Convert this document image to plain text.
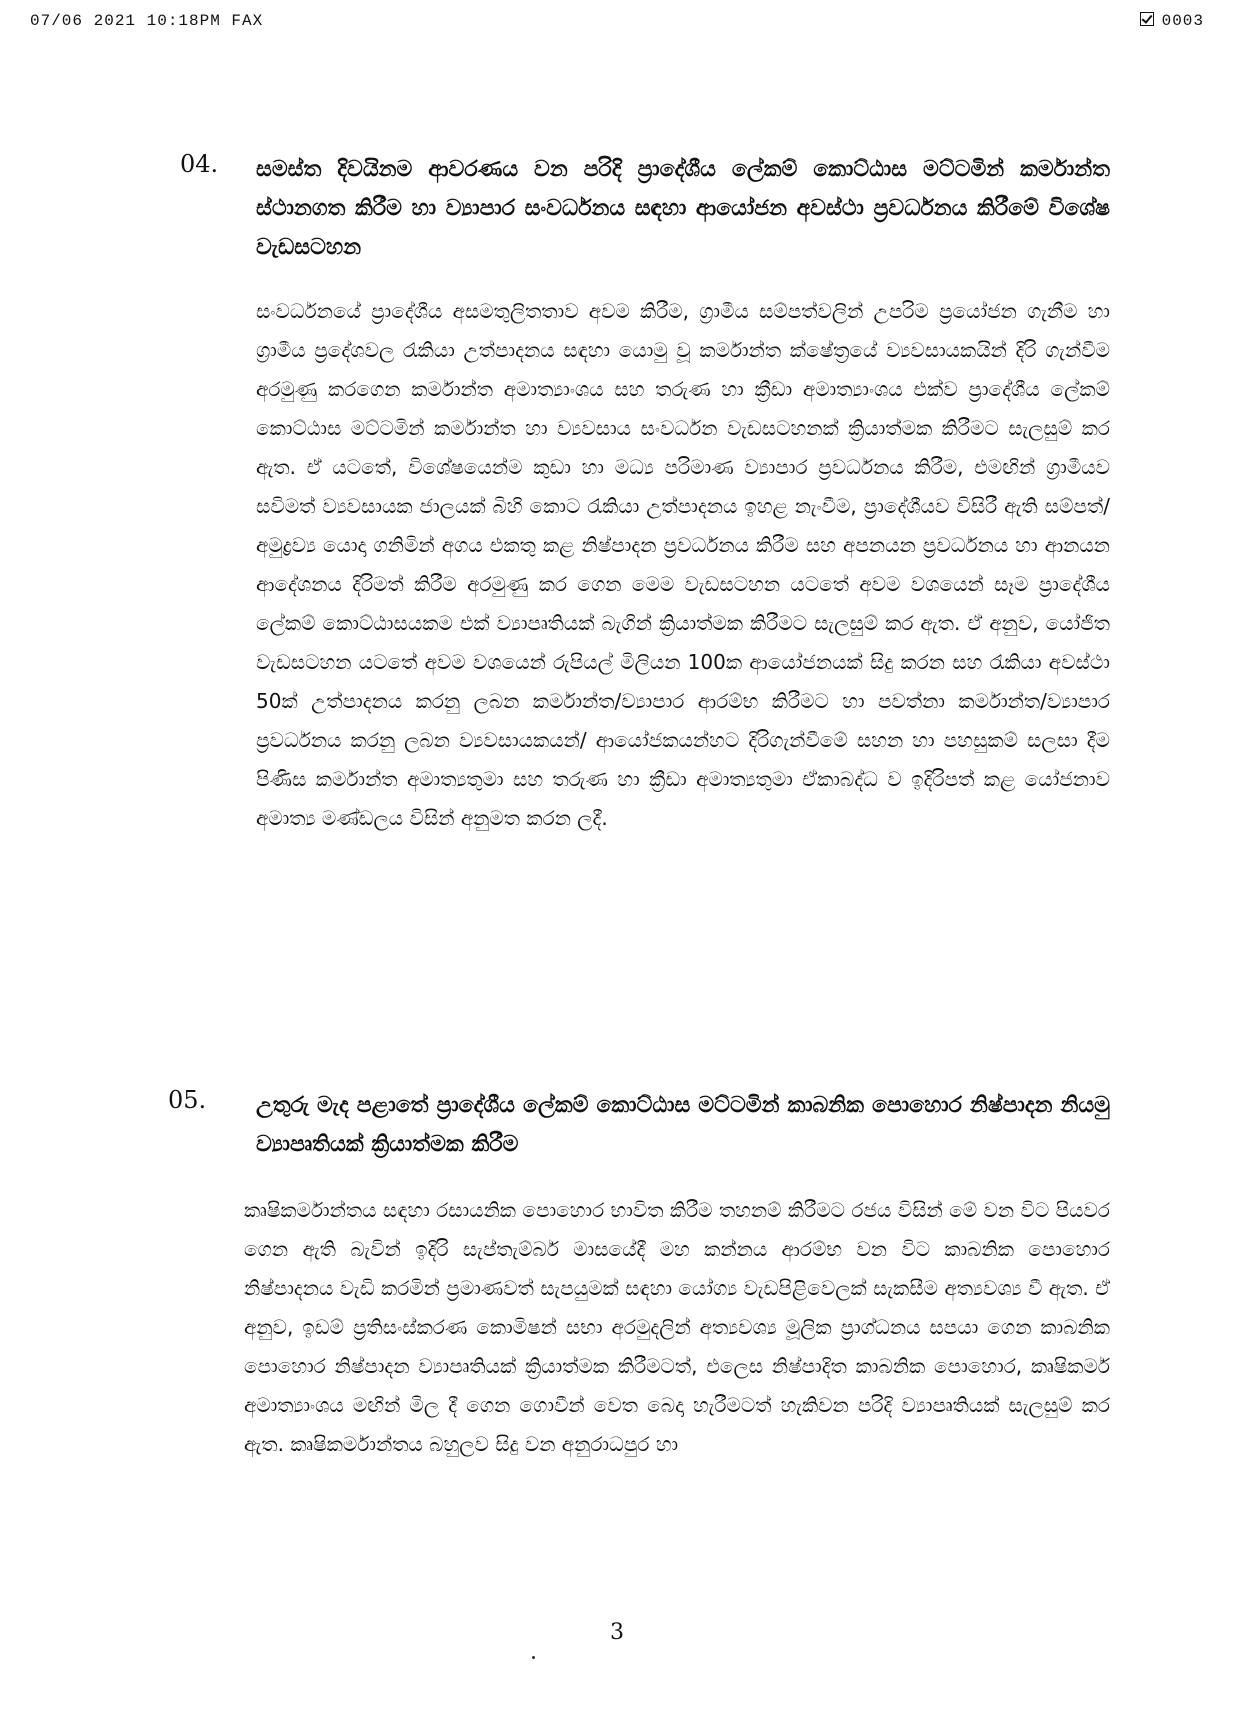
07/06 2021 10:18PM FAX	0003
04. සමස්ත දිවයිනම ආවරණය වන පරිදි ප්‍රාදේශීය ලේකම් කොට්ඨාස මට්ටමින් කර්මාන්ත ස්ථානගත කිරීම හා ව්‍යාපාර සංවර්ධනය සඳහා ආයෝජන අවස්ථා ප්‍රවර්ධනය කිරීමේ විශේෂ වැඩසටහන
සංවර්ධනයේ ප්‍රාදේශීය අසමතුලිතතාව අවම කිරීම, ග්‍රාමීය සම්පත්වලින් උපරිම ප්‍රයෝජන ගැනීම හා ග්‍රාමීය ප්‍රදේශවල රැකියා උත්පාදනය සඳහා යොමු වූ කර්මාන්ත ක්ෂේත්‍රයේ ව්‍යවසායකයින් දිරි ගැන්වීම අරමුණු කරගෙන කර්මාන්ත අමාත්‍යාංශය සහ තරුණ හා ක්‍රීඩා අමාත්‍යාංශය එක්ව ප්‍රාදේශීය ලේකම් කොට්ඨාස මට්ටමින් කර්මාන්ත හා ව්‍යවසාය සංවර්ධන වැඩසටහනක් ක්‍රියාත්මක කිරීමට සැලසුම් කර ඇත. ඒ යටතේ, විශේෂයෙන්ම කුඩා හා මධ්‍ය පරිමාණ ව්‍යාපාර ප්‍රවර්ධනය කිරීම, එමඟින් ග්‍රාමීයව සවිමත් ව්‍යවසායක ජාලයක් බිහි කොට රැකියා උත්පාදනය ඉහළ නැංවීම, ප්‍රාදේශීයව විසිරී ඇති සම්පත්/අමුද්‍රව්‍ය යොදා ගනිමින් අගය එකතු කළ නිෂ්පාදන ප්‍රවර්ධනය කිරීම සහ අපනයන ප්‍රවර්ධනය හා ආනයන ආදේශනය දිරිමත් කිරීම අරමුණු කර ගෙන මෙම වැඩසටහන යටතේ අවම වශයෙන් සෑම ප්‍රාදේශීය ලේකම් කොට්ඨාසයකම එක් ව්‍යාපෘතියක් බැගින් ක්‍රියාත්මක කිරීමට සැලසුම් කර ඇත. ඒ අනුව, යෝජිත වැඩසටහන යටතේ අවම වශයෙන් රුපියල් මිලියන 100ක ආයෝජනයක් සිදු කරන සහ රැකියා අවස්ථා 50ක් උත්පාදනය කරනු ලබන කර්මාන්ත/ව්‍යාපාර ආරම්භ කිරීමට හා පවත්නා කර්මාන්ත/ව්‍යාපාර ප්‍රවර්ධනය කරනු ලබන ව්‍යවසායකයන්/ ආයෝජකයන්හට දිරිගැන්වීමේ සහන හා පහසුකම් සලසා දීම පිණිස කර්මාන්ත අමාත්‍යතුමා සහ තරුණ හා ක්‍රීඩා අමාත්‍යතුමා ඒකාබද්ධ ව ඉදිරිපත් කළ යෝජනාව අමාත්‍ය මණ්ඩලය විසින් අනුමත කරන ලදී.
05. උතුරු මැද පළාතේ ප්‍රාදේශීය ලේකම් කොට්ඨාස මට්ටමින් කාබනික පොහොර නිෂ්පාදන නියමු ව්‍යාපෘතියක් ක්‍රියාත්මක කිරීම
කෘෂිකර්මාන්තය සඳහා රසායනික පොහොර භාවිත කිරීම තහනම් කිරීමට රජය විසින් මේ වන විට පියවර ගෙන ඇති බැවින් ඉදිරි සැප්තැම්බර් මාසයේදී මහ කන්නය ආරම්භ වන විට කාබනික පොහොර නිෂ්පාදනය වැඩි කරමින් ප්‍රමාණවත් සැපයුමක් සඳහා යෝග්‍ය වැඩපිළිවෙලක් සැකසීම අත්‍යවශ්‍ය වී ඇත. ඒ අනුව, ඉඩම් ප්‍රතිසංස්කරණ කොමිෂන් සභා අරමුදලින් අත්‍යවශ්‍ය මූලික ප්‍රාග්ධනය සපයා ගෙන කාබනික පොහොර නිෂ්පාදන ව්‍යාපෘතියක් ක්‍රියාත්මක කිරීමටත්, එලෙස නිෂ්පාදිත කාබනික පොහොර, කෘෂිකර්ම අමාත්‍යාංශය මඟින් මිල දී ගෙන ගොවීන් වෙත බෙදා හැරීමටත් හැකිවන පරිදි ව්‍යාපෘතියක් සැලසුම් කර ඇත. කෘෂිකර්මාන්තය බහුලව සිදු වන අනුරාධපුර හා
3
